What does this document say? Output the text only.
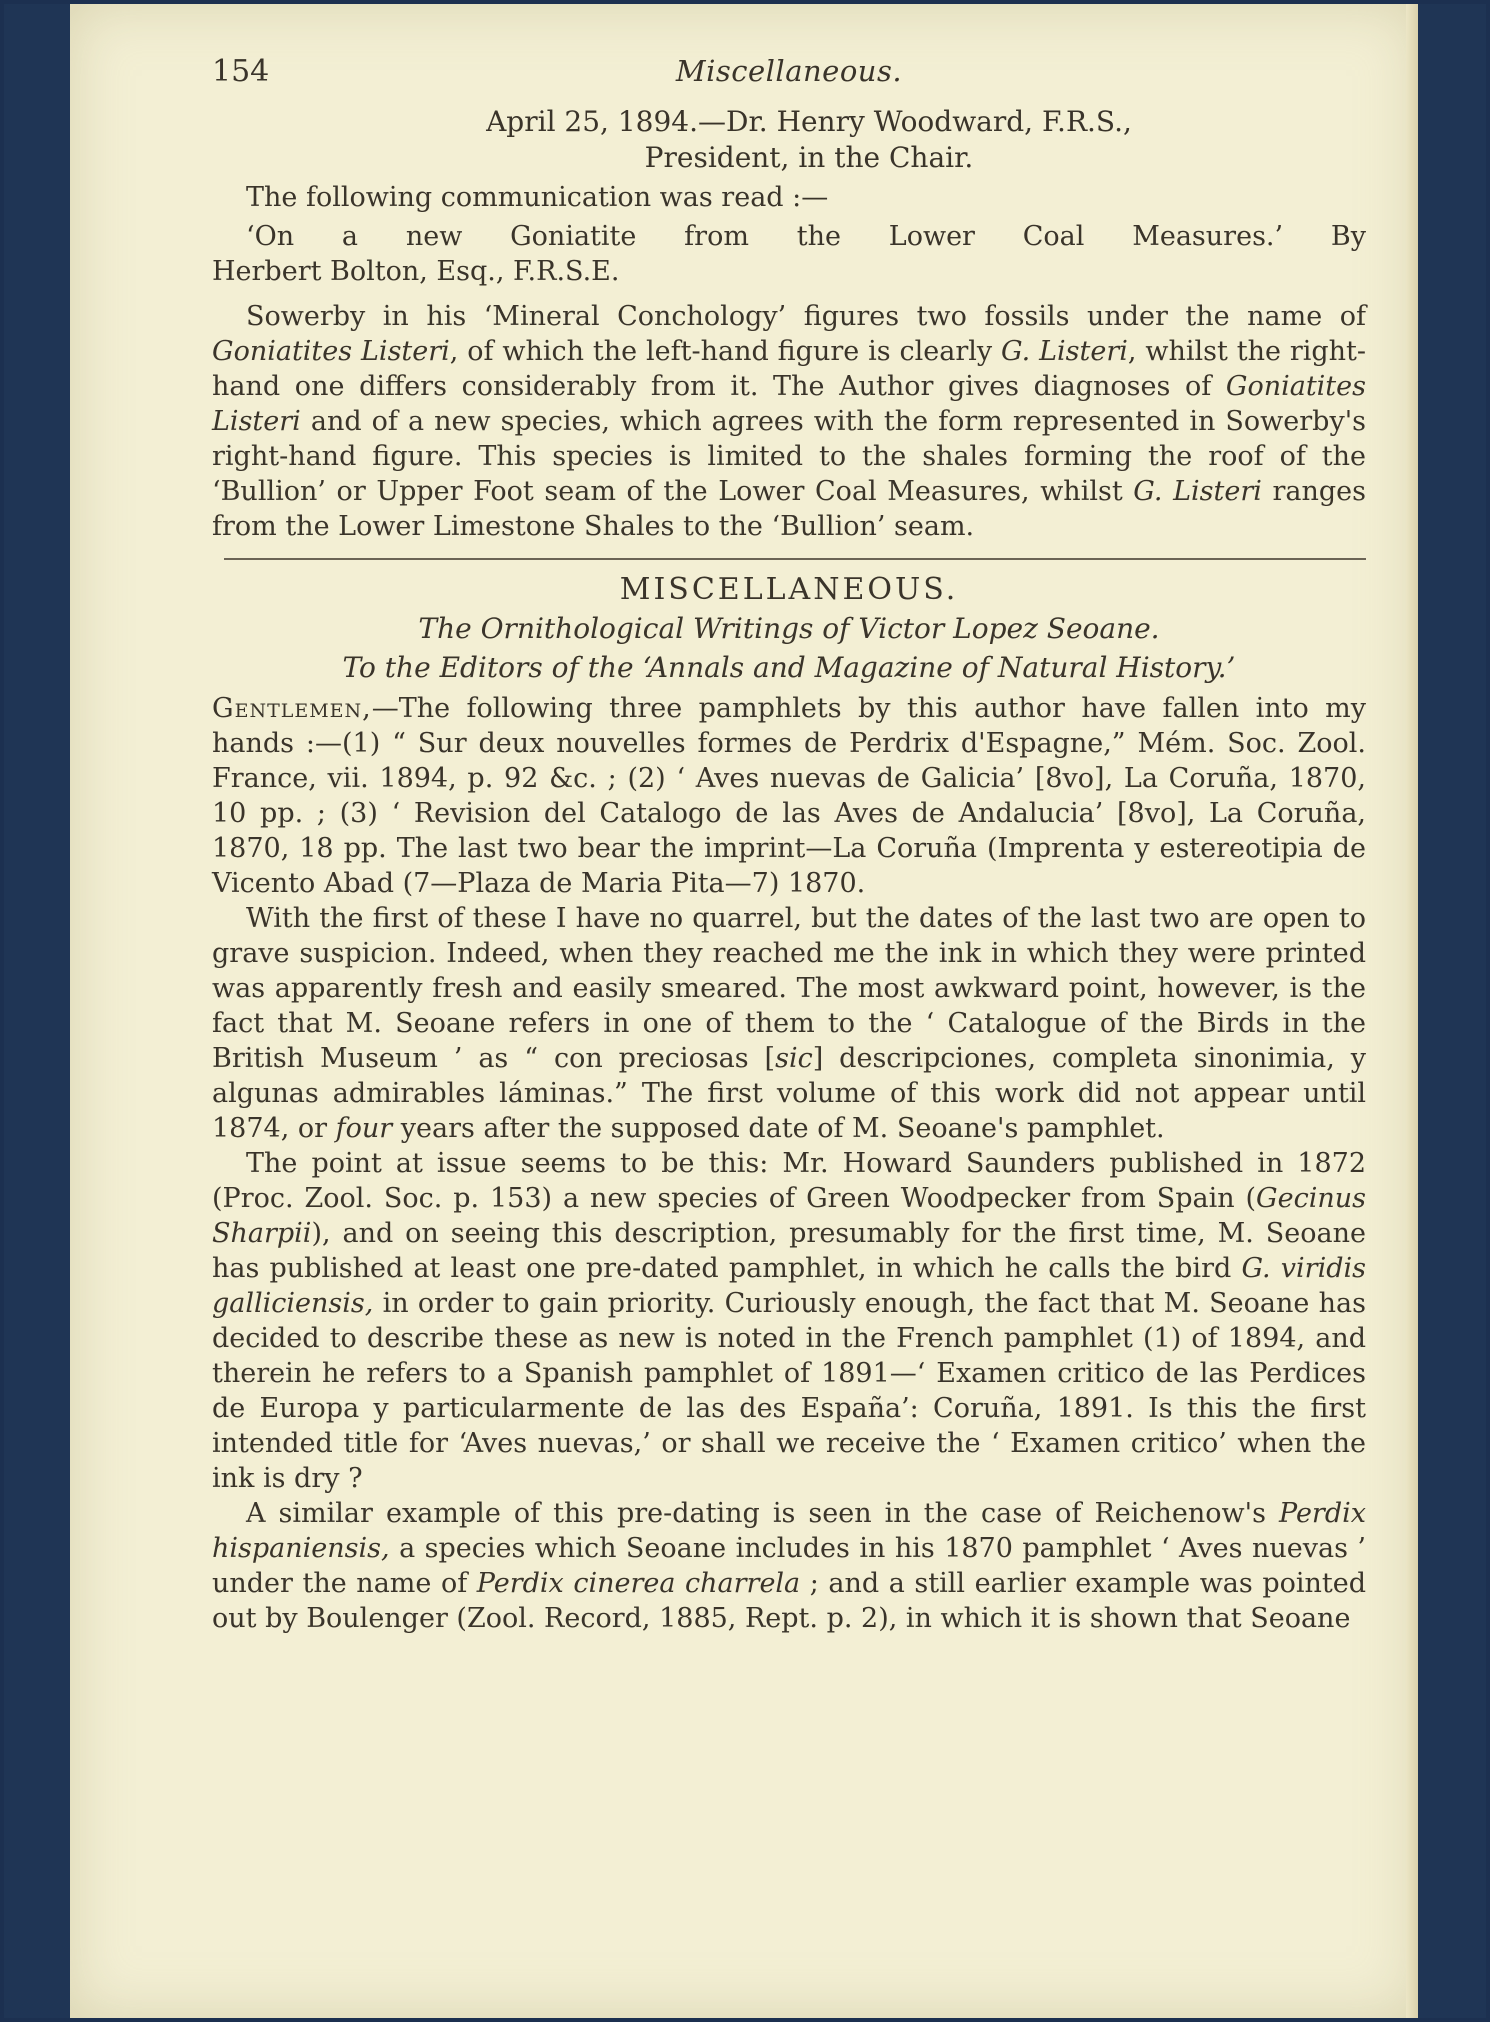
154	Miscellaneous.
April 25, 1894.—Dr. Henry Woodward, F.R.S.,
President, in the Chair.

The following communication was read :—

‘On a new Goniatite from the Lower Coal Measures.’ By

Herbert Bolton, Esq., F.R.S.E.

Sowerby in his ‘Mineral Conchology’ figures two fossils under the name of Goniatites Listeri, of which the left-hand figure is clearly G. Listeri, whilst the right-hand one differs considerably from it. The Author gives diagnoses of Goniatites Listeri and of a new species, which agrees with the form represented in Sowerby's right-hand figure. This species is limited to the shales forming the roof of the ‘Bullion’ or Upper Foot seam of the Lower Coal Measures, whilst G. Listeri ranges from the Lower Limestone Shales to the ‘Bullion’ seam.

MISCELLANEOUS.
The Ornithological Writings of Victor Lopez Seoane.
To the Editors of the ‘Annals and Magazine of Natural History.’

Gentlemen,—The following three pamphlets by this author have fallen into my hands :—(1) “ Sur deux nouvelles formes de Perdrix d'Espagne,” Mém. Soc. Zool. France, vii. 1894, p. 92 &c. ; (2) ‘ Aves nuevas de Galicia’ [8vo], La Coruña, 1870, 10 pp. ; (3) ‘ Revision del Catalogo de las Aves de Andalucia’ [8vo], La Coruña, 1870, 18 pp. The last two bear the imprint—La Coruña (Imprenta y estereotipia de Vicento Abad (7—Plaza de Maria Pita—7) 1870.

With the first of these I have no quarrel, but the dates of the last two are open to grave suspicion. Indeed, when they reached me the ink in which they were printed was apparently fresh and easily smeared. The most awkward point, however, is the fact that M. Seoane refers in one of them to the ‘ Catalogue of the Birds in the British Museum ’ as “ con preciosas [sic] descripciones, completa sinonimia, y algunas admirables láminas.” The first volume of this work did not appear until 1874, or four years after the supposed date of M. Seoane's pamphlet.

The point at issue seems to be this: Mr. Howard Saunders published in 1872 (Proc. Zool. Soc. p. 153) a new species of Green Woodpecker from Spain (Gecinus Sharpii), and on seeing this description, presumably for the first time, M. Seoane has published at least one pre-dated pamphlet, in which he calls the bird G. viridis galliciensis, in order to gain priority. Curiously enough, the fact that M. Seoane has decided to describe these as new is noted in the French pamphlet (1) of 1894, and therein he refers to a Spanish pamphlet of 1891—‘ Examen critico de las Perdices de Europa y particularmente de las des España’: Coruña, 1891. Is this the first intended title for ‘Aves nuevas,’ or shall we receive the ‘ Examen critico’ when the ink is dry ?

A similar example of this pre-dating is seen in the case of Reichenow's Perdix hispaniensis, a species which Seoane includes in his 1870 pamphlet ‘ Aves nuevas ’ under the name of Perdix cinerea charrela ; and a still earlier example was pointed out by Boulenger (Zool. Record, 1885, Rept. p. 2), in which it is shown that Seoane
